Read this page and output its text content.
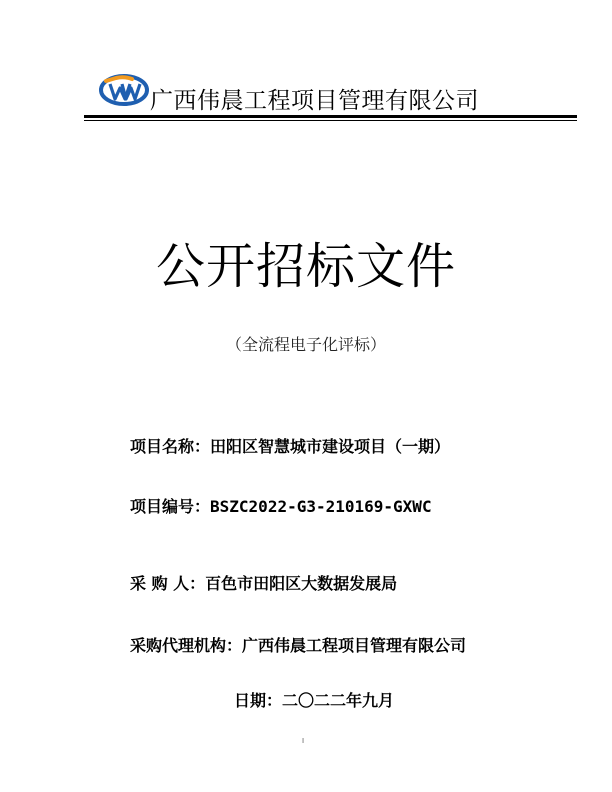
广西伟晨工程项目管理有限公司
公开招标文件
（全流程电子化评标）
项目名称：田阳区智慧城市建设项目（一期）
项目编号：BSZC2022-G3-210169-GXWC
采 购 人：百色市田阳区大数据发展局
采购代理机构：广西伟晨工程项目管理有限公司
日期：二〇二二年九月
I
